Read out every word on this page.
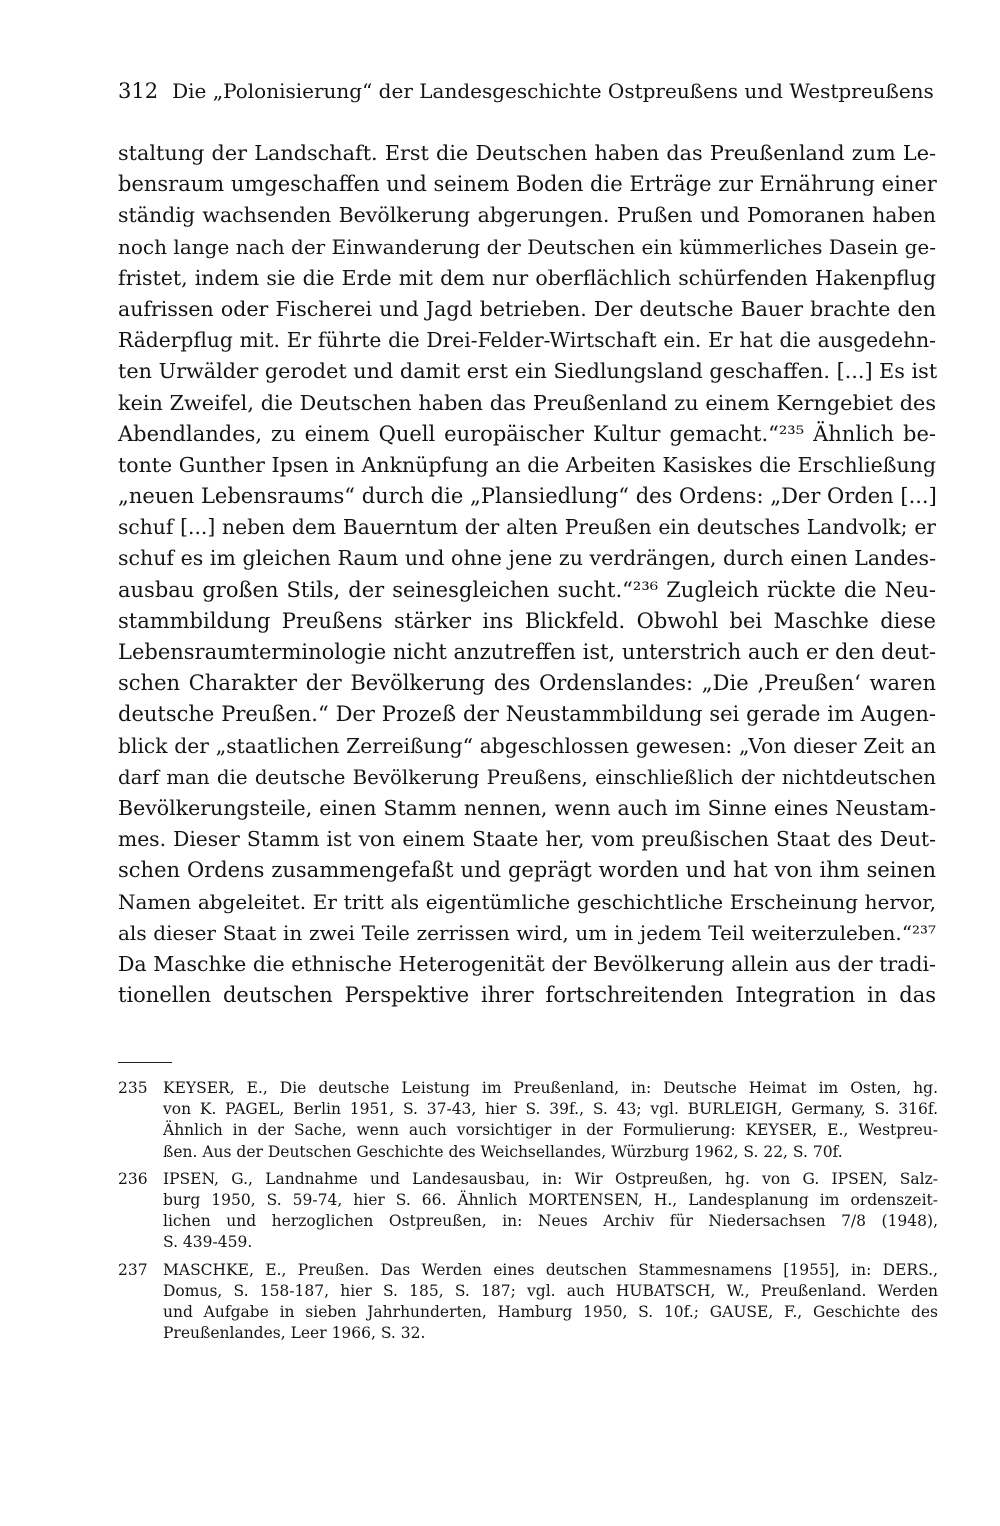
312 Die „Polonisierung“ der Landesgeschichte Ostpreußens und Westpreußens
staltung der Landschaft. Erst die Deutschen haben das Preußenland zum Le-
bensraum umgeschaffen und seinem Boden die Erträge zur Ernährung einer
ständig wachsenden Bevölkerung abgerungen. Prußen und Pomoranen haben
noch lange nach der Einwanderung der Deutschen ein kümmerliches Dasein ge-
fristet, indem sie die Erde mit dem nur oberflächlich schürfenden Hakenpflug
aufrissen oder Fischerei und Jagd betrieben. Der deutsche Bauer brachte den
Räderpflug mit. Er führte die Drei-Felder-Wirtschaft ein. Er hat die ausgedehn-
ten Urwälder gerodet und damit erst ein Siedlungsland geschaffen. [...] Es ist
kein Zweifel, die Deutschen haben das Preußenland zu einem Kerngebiet des
Abendlandes, zu einem Quell europäischer Kultur gemacht.“²³⁵ Ähnlich be-
tonte Gunther Ipsen in Anknüpfung an die Arbeiten Kasiskes die Erschließung
„neuen Lebensraums“ durch die „Plansiedlung“ des Ordens: „Der Orden [...]
schuf [...] neben dem Bauerntum der alten Preußen ein deutsches Landvolk; er
schuf es im gleichen Raum und ohne jene zu verdrängen, durch einen Landes-
ausbau großen Stils, der seinesgleichen sucht.“²³⁶ Zugleich rückte die Neu-
stammbildung Preußens stärker ins Blickfeld. Obwohl bei Maschke diese
Lebensraumterminologie nicht anzutreffen ist, unterstrich auch er den deut-
schen Charakter der Bevölkerung des Ordenslandes: „Die ‚Preußen‘ waren
deutsche Preußen.“ Der Prozeß der Neustammbildung sei gerade im Augen-
blick der „staatlichen Zerreißung“ abgeschlossen gewesen: „Von dieser Zeit an
darf man die deutsche Bevölkerung Preußens, einschließlich der nichtdeutschen
Bevölkerungsteile, einen Stamm nennen, wenn auch im Sinne eines Neustam-
mes. Dieser Stamm ist von einem Staate her, vom preußischen Staat des Deut-
schen Ordens zusammengefaßt und geprägt worden und hat von ihm seinen
Namen abgeleitet. Er tritt als eigentümliche geschichtliche Erscheinung hervor,
als dieser Staat in zwei Teile zerrissen wird, um in jedem Teil weiterzuleben.“²³⁷
Da Maschke die ethnische Heterogenität der Bevölkerung allein aus der tradi-
tionellen deutschen Perspektive ihrer fortschreitenden Integration in das
235 KEYSER, E., Die deutsche Leistung im Preußenland, in: Deutsche Heimat im Osten, hg.
von K. PAGEL, Berlin 1951, S. 37-43, hier S. 39f., S. 43; vgl. BURLEIGH, Germany, S. 316f.
Ähnlich in der Sache, wenn auch vorsichtiger in der Formulierung: KEYSER, E., Westpreu-
ßen. Aus der Deutschen Geschichte des Weichsellandes, Würzburg 1962, S. 22, S. 70f.
236 IPSEN, G., Landnahme und Landesausbau, in: Wir Ostpreußen, hg. von G. IPSEN, Salz-
burg 1950, S. 59-74, hier S. 66. Ähnlich MORTENSEN, H., Landesplanung im ordenszeit-
lichen und herzoglichen Ostpreußen, in: Neues Archiv für Niedersachsen 7/8 (1948),
S. 439-459.
237 MASCHKE, E., Preußen. Das Werden eines deutschen Stammesnamens [1955], in: DERS.,
Domus, S. 158-187, hier S. 185, S. 187; vgl. auch HUBATSCH, W., Preußenland. Werden
und Aufgabe in sieben Jahrhunderten, Hamburg 1950, S. 10f.; GAUSE, F., Geschichte des
Preußenlandes, Leer 1966, S. 32.
